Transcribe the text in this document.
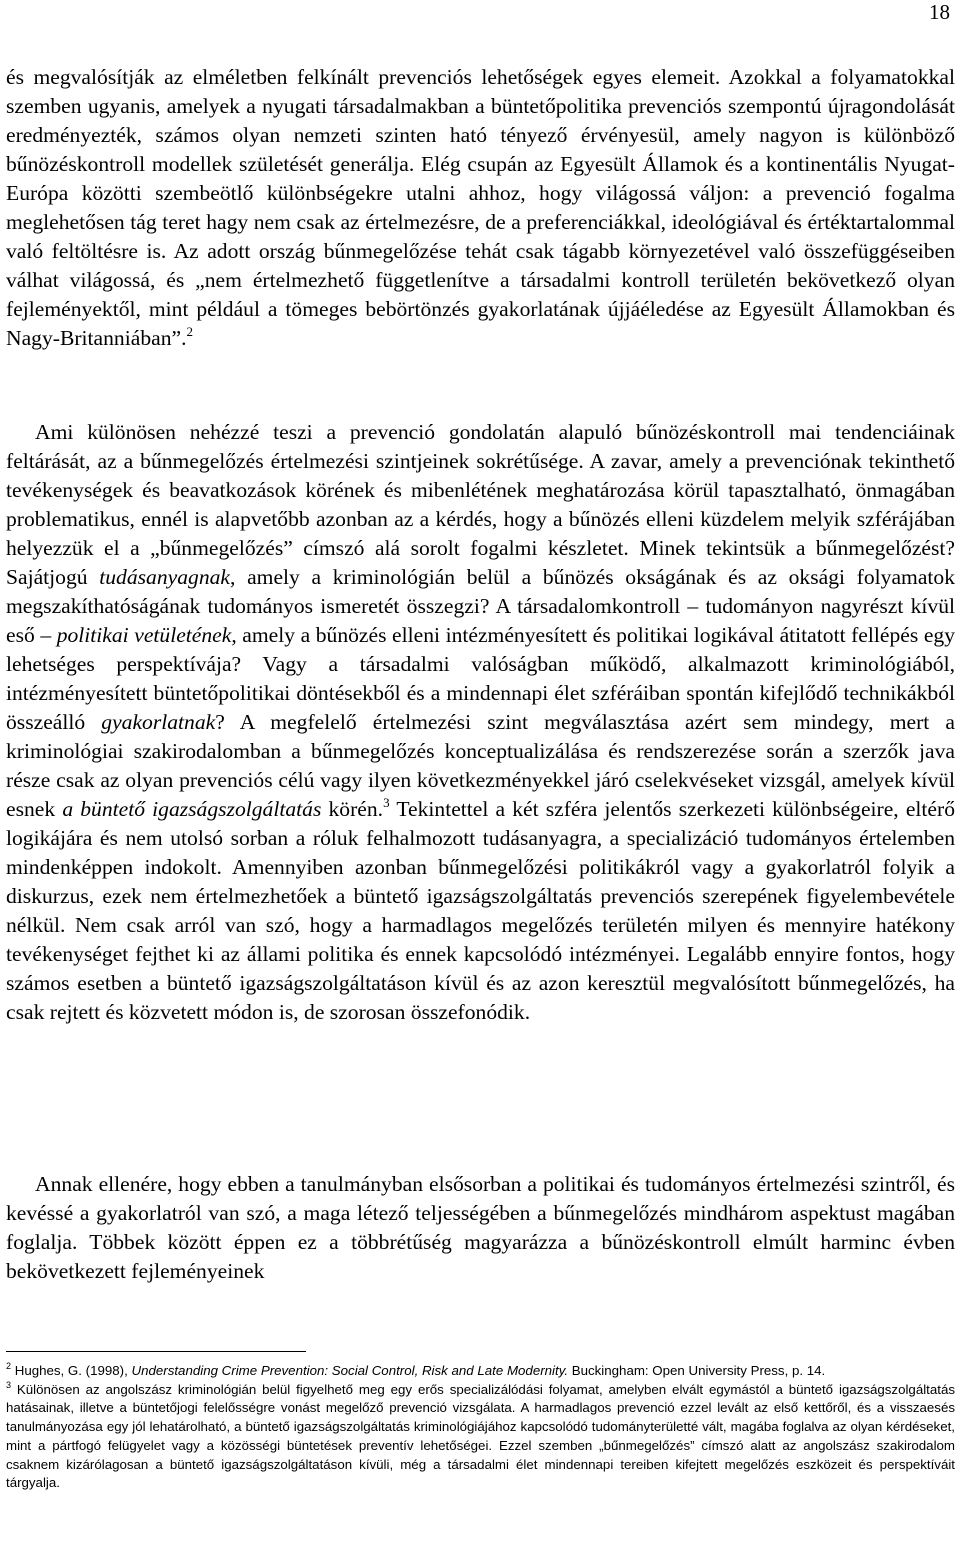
18

és megvalósítják az elméletben felkínált prevenciós lehetőségek egyes elemeit. Azokkal a folyamatokkal szemben ugyanis, amelyek a nyugati társadalmakban a büntetőpolitika prevenciós szempontú újragondolását eredményezték, számos olyan nemzeti szinten ható tényező érvényesül, amely nagyon is különböző bűnözéskontroll modellek születését generálja. Elég csupán az Egyesült Államok és a kontinentális Nyugat-Európa közötti szembeötlő különbségekre utalni ahhoz, hogy világossá váljon: a prevenció fogalma meglehetősen tág teret hagy nem csak az értelmezésre, de a preferenciákkal, ideológiával és értéktartalommal való feltöltésre is. Az adott ország bűnmegelőzése tehát csak tágabb környezetével való összefüggéseiben válhat világossá, és „nem értelmezhető függetlenítve a társadalmi kontroll területén bekövetkező olyan fejleményektől, mint például a tömeges bebörtönzés gyakorlatának újjáéledése az Egyesült Államokban és Nagy-Britanniában”.$^2$

Ami különösen nehézzé teszi a prevenció gondolatán alapuló bűnözéskontroll mai tendenciáinak feltárását, az a bűnmegelőzés értelmezési szintjeinek sokrétűsége. A zavar, amely a prevenciónak tekinthető tevékenységek és beavatkozások körének és mibenlétének meghatározása körül tapasztalható, önmagában problematikus, ennél is alapvetőbb azonban az a kérdés, hogy a bűnözés elleni küzdelem melyik szférájában helyezzük el a „bűnmegelőzés” címszó alá sorolt fogalmi készletet. Minek tekintsük a bűnmegelőzést? Sajátjogú tudásanyagnak, amely a kriminológián belül a bűnözés okságának és az oksági folyamatok megszakíthatóságának tudományos ismeretét összegzi? A társadalomkontroll – tudományon nagyrészt kívül eső – politikai vetületének, amely a bűnözés elleni intézményesített és politikai logikával átitatott fellépés egy lehetséges perspektívája? Vagy a társadalmi valóságban működő, alkalmazott kriminológiából, intézményesített büntetőpolitikai döntésekből és a mindennapi élet szféráiban spontán kifejlődő technikákból összeálló gyakorlatnak? A megfelelő értelmezési szint megválasztása azért sem mindegy, mert a kriminológiai szakirodalomban a bűnmegelőzés konceptualizálása és rendszerezése során a szerzők java része csak az olyan prevenciós célú vagy ilyen következményekkel járó cselekvéseket vizsgál, amelyek kívül esnek a büntető igazságszolgáltatás körén.$^3$ Tekintettel a két szféra jelentős szerkezeti különbségeire, eltérő logikájára és nem utolsó sorban a róluk felhalmozott tudásanyagra, a specializáció tudományos értelemben mindenképpen indokolt. Amennyiben azonban bűnmegelőzési politikákról vagy a gyakorlatról folyik a diskurzus, ezek nem értelmezhetőek a büntető igazságszolgáltatás prevenciós szerepének figyelembevétele nélkül. Nem csak arról van szó, hogy a harmadlagos megelőzés területén milyen és mennyire hatékony tevékenységet fejthet ki az állami politika és ennek kapcsolódó intézményei. Legalább ennyire fontos, hogy számos esetben a büntető igazságszolgáltatáson kívül és az azon keresztül megvalósított bűnmegelőzés, ha csak rejtett és közvetett módon is, de szorosan összefonódik.

Annak ellenére, hogy ebben a tanulmányban elsősorban a politikai és tudományos értelmezési szintről, és kevéssé a gyakorlatról van szó, a maga létező teljességében a bűnmegelőzés mindhárom aspektust magában foglalja. Többek között éppen ez a többrétűség magyarázza a bűnözéskontroll elmúlt harminc évben bekövetkezett fejleményeinek

$^2$ Hughes, G. (1998), Understanding Crime Prevention: Social Control, Risk and Late Modernity. Buckingham: Open University Press, p. 14.

$^3$ Különösen az angolszász kriminológián belül figyelhető meg egy erős specializálódási folyamat, amelyben elvált egymástól a büntető igazságszolgáltatás hatásainak, illetve a büntetőjogi felelősségre vonást megelőző prevenció vizsgálata. A harmadlagos prevenció ezzel levált az első kettőről, és a visszaesés tanulmányozása egy jól lehatárolható, a büntető igazságszolgáltatás kriminológiájához kapcsolódó tudományterületté vált, magába foglalva az olyan kérdéseket, mint a pártfogó felügyelet vagy a közösségi büntetések preventív lehetőségei. Ezzel szemben „bűnmegelőzés” címszó alatt az angolszász szakirodalom csaknem kizárólagosan a büntető igazságszolgáltatáson kívüli, még a társadalmi élet mindennapi tereiben kifejtett megelőzés eszközeit és perspektíváit tárgyalja.
